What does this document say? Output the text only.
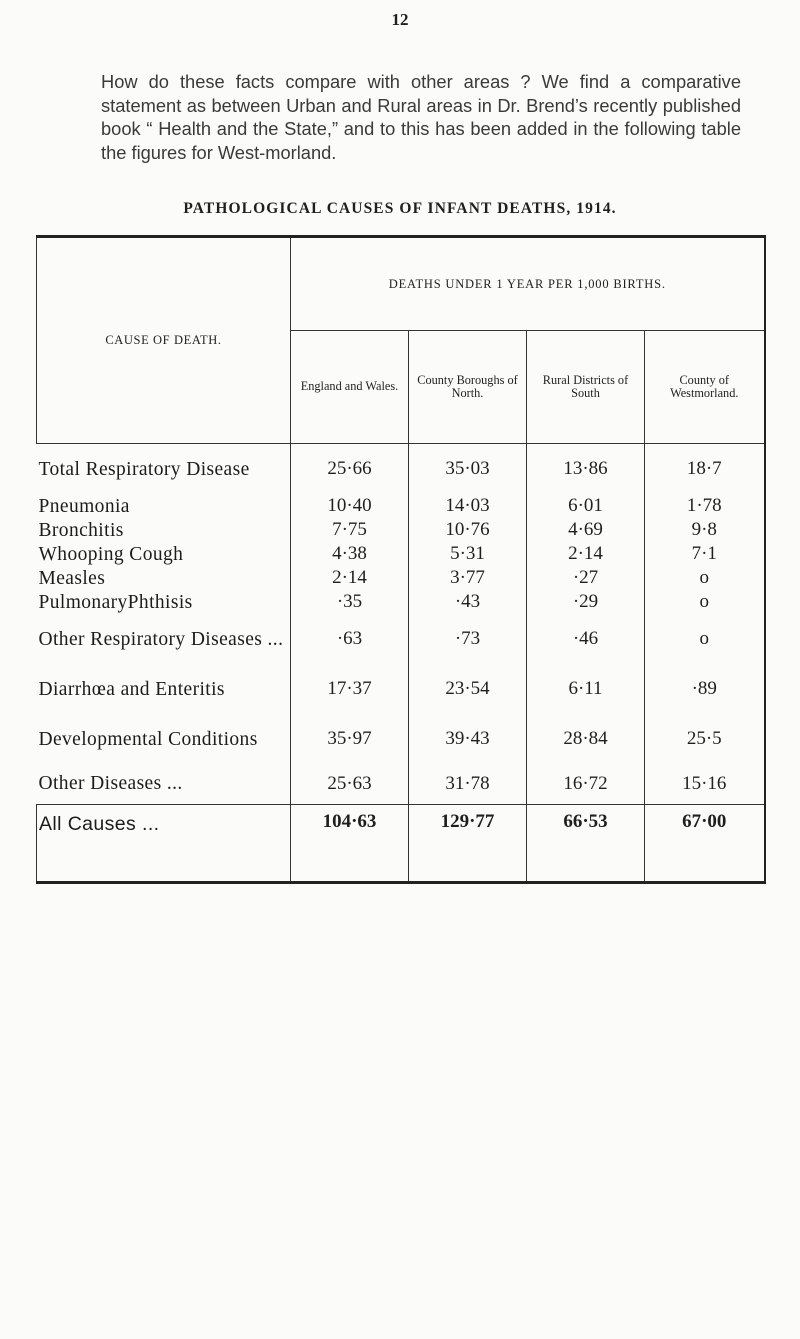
12

How do these facts compare with other areas ? We find a comparative statement as between Urban and Rural areas in Dr. Brend’s recently published book “ Health and the State,” and to this has been added in the following table the figures for West-morland.

PATHOLOGICAL CAUSES OF INFANT DEATHS, 1914.
CAUSE OF DEATH.	DEATHS UNDER 1 YEAR PER 1,000 BIRTHS.			
	England and Wales.	County Boroughs of North.	Rural Districts of South	County of Westmorland.
Total Respiratory Disease	25·66	35·03	13·86	18·7
Pneumonia	10·40	14·03	6·01	1·78
Bronchitis	7·75	10·76	4·69	9·8
Whooping Cough	4·38	5·31	2·14	7·1
Measles	2·14	3·77	·27	o
PulmonaryPhthisis	·35	·43	·29	o
Other Respiratory Diseases ...	·63	·73	·46	o
Diarrhœa and Enteritis	17·37	23·54	6·11	·89
Developmental Conditions	35·97	39·43	28·84	25·5
Other Diseases ...	25·63	31·78	16·72	15·16
All Causes ...	104·63	129·77	66·53	67·00
